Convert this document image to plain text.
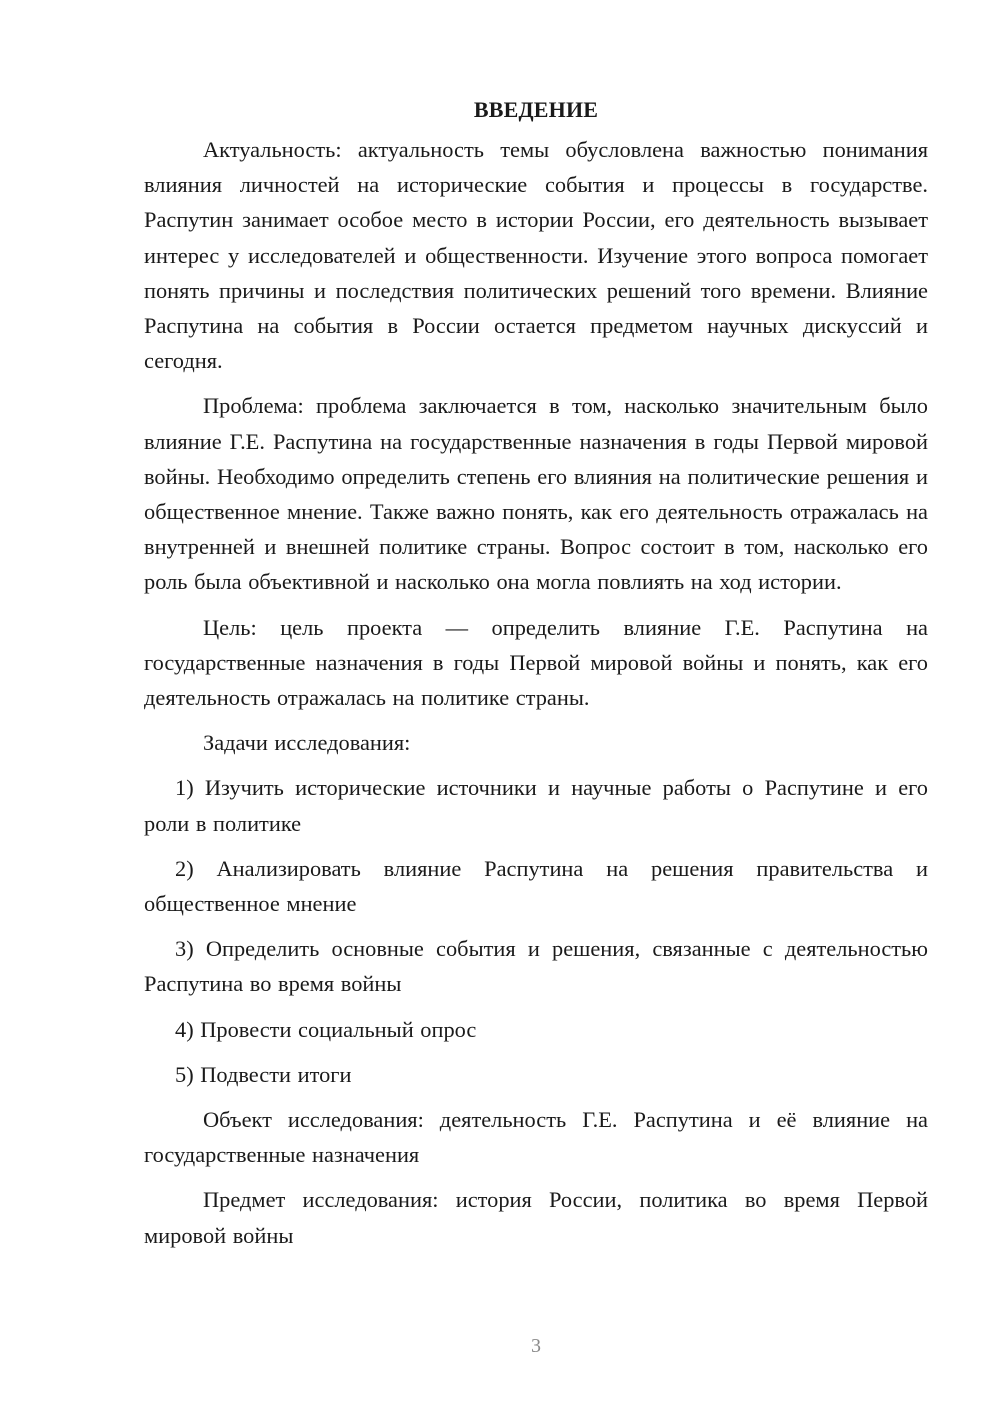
ВВЕДЕНИЕ

Актуальность: актуальность темы обусловлена важностью понимания влияния личностей на исторические события и процессы в государстве. Распутин занимает особое место в истории России, его деятельность вызывает интерес у исследователей и общественности. Изучение этого вопроса помогает понять причины и последствия политических решений того времени. Влияние Распутина на события в России остается предметом научных дискуссий и сегодня.

Проблема: проблема заключается в том, насколько значительным было влияние Г.Е. Распутина на государственные назначения в годы Первой мировой войны. Необходимо определить степень его влияния на политические решения и общественное мнение. Также важно понять, как его деятельность отражалась на внутренней и внешней политике страны. Вопрос состоит в том, насколько его роль была объективной и насколько она могла повлиять на ход истории.

Цель: цель проекта — определить влияние Г.Е. Распутина на государственные назначения в годы Первой мировой войны и понять, как его деятельность отражалась на политике страны.

Задачи исследования:

1) Изучить исторические источники и научные работы о Распутине и его роли в политике

2) Анализировать влияние Распутина на решения правительства и общественное мнение

3) Определить основные события и решения, связанные с деятельностью Распутина во время войны

4) Провести социальный опрос

5) Подвести итоги

Объект исследования: деятельность Г.Е. Распутина и её влияние на государственные назначения

Предмет исследования: история России, политика во время Первой мировой войны

3
